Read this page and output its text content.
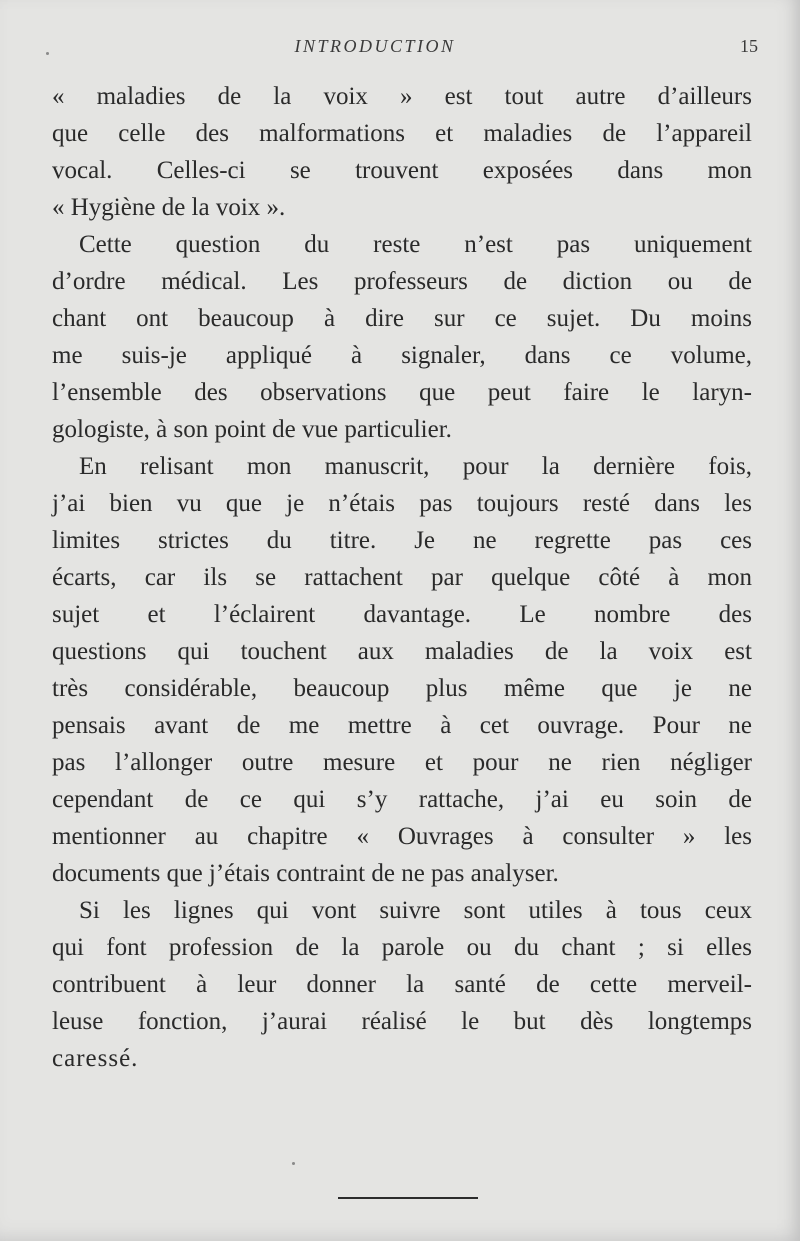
INTRODUCTION	15
« maladies de la voix » est tout autre d’ailleurs
que celle des malformations et maladies de l’appareil
vocal. Celles-ci se trouvent exposées dans mon
« Hygiène de la voix ».
Cette question du reste n’est pas uniquement
d’ordre médical. Les professeurs de diction ou de
chant ont beaucoup à dire sur ce sujet. Du moins
me suis-je appliqué à signaler, dans ce volume,
l’ensemble des observations que peut faire le laryn-
gologiste, à son point de vue particulier.
En relisant mon manuscrit, pour la dernière fois,
j’ai bien vu que je n’étais pas toujours resté dans les
limites strictes du titre. Je ne regrette pas ces
écarts, car ils se rattachent par quelque côté à mon
sujet et l’éclairent davantage. Le nombre des
questions qui touchent aux maladies de la voix est
très considérable, beaucoup plus même que je ne
pensais avant de me mettre à cet ouvrage. Pour ne
pas l’allonger outre mesure et pour ne rien négliger
cependant de ce qui s’y rattache, j’ai eu soin de
mentionner au chapitre « Ouvrages à consulter » les
documents que j’étais contraint de ne pas analyser.
Si les lignes qui vont suivre sont utiles à tous ceux
qui font profession de la parole ou du chant ; si elles
contribuent à leur donner la santé de cette merveil-
leuse fonction, j’aurai réalisé le but dès longtemps
caressé.
